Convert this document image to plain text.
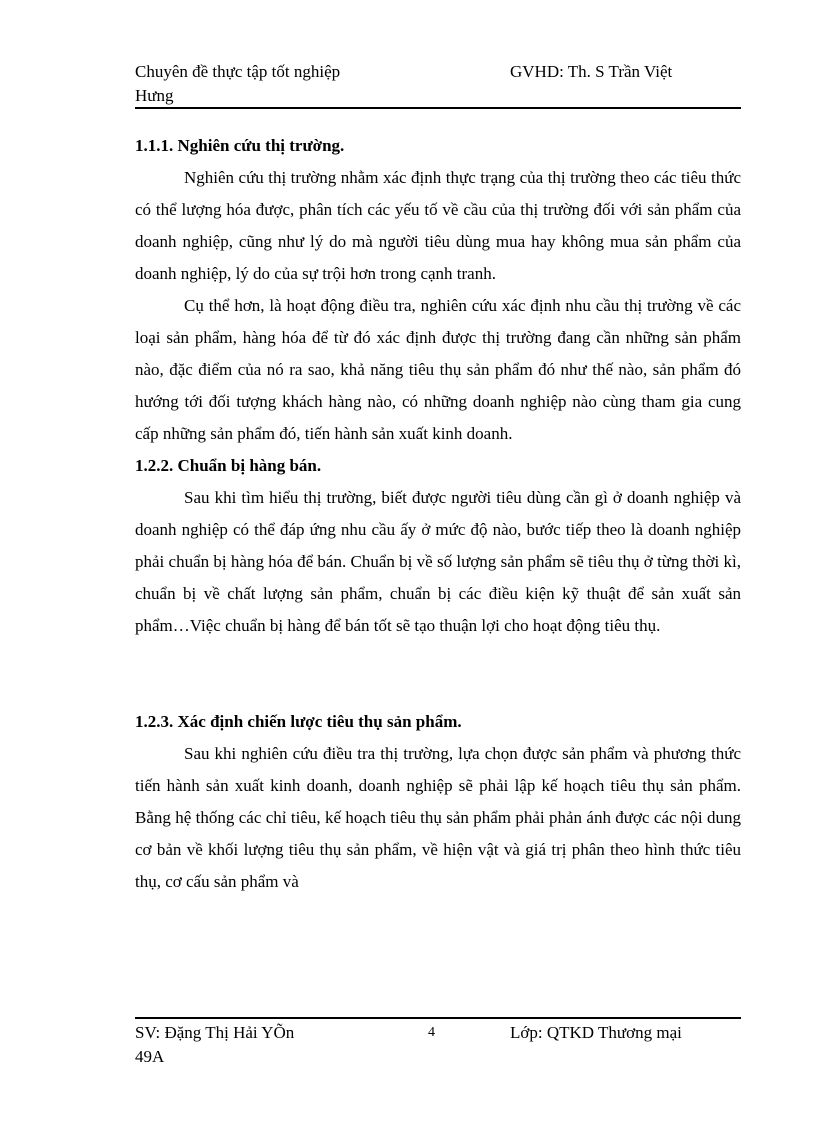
Chuyên đề thực tập tốt nghiệp	GVHD: Th. S Trần Việt
Hưng

1.1.1. Nghiên cứu thị trường.

Nghiên cứu thị trường nhằm xác định thực trạng của thị trường theo các tiêu thức có thể lượng hóa được, phân tích các yếu tố về cầu của thị trường đối với sản phẩm của doanh nghiệp, cũng như lý do mà người tiêu dùng mua hay không mua sản phẩm của doanh nghiệp, lý do của sự trội hơn trong cạnh tranh.

Cụ thể hơn, là hoạt động điều tra, nghiên cứu xác định nhu cầu thị trường về các loại sản phẩm, hàng hóa để từ đó xác định được thị trường đang cần những sản phẩm nào, đặc điểm của nó ra sao, khả năng tiêu thụ sản phẩm đó như thế nào, sản phẩm đó hướng tới đối tượng khách hàng nào, có những doanh nghiệp nào cùng tham gia cung cấp những sản phẩm đó, tiến hành sản xuất kinh doanh.

1.2.2. Chuẩn bị hàng bán.

Sau khi tìm hiểu thị trường, biết được người tiêu dùng cần gì ở doanh nghiệp và doanh nghiệp có thể đáp ứng nhu cầu ấy ở mức độ nào, bước tiếp theo là doanh nghiệp phải chuẩn bị hàng hóa để bán. Chuẩn bị về số lượng sản phẩm sẽ tiêu thụ ở từng thời kì, chuẩn bị về chất lượng sản phẩm, chuẩn bị các điều kiện kỹ thuật để sản xuất sản phẩm…Việc chuẩn bị hàng để bán tốt sẽ tạo thuận lợi cho hoạt động tiêu thụ.

1.2.3. Xác định chiến lược tiêu thụ sản phẩm.

Sau khi nghiên cứu điều tra thị trường, lựa chọn được sản phẩm và phương thức tiến hành sản xuất kinh doanh, doanh nghiệp sẽ phải lập kế hoạch tiêu thụ sản phẩm. Bằng hệ thống các chỉ tiêu, kế hoạch tiêu thụ sản phẩm phải phản ánh được các nội dung cơ bản về khối lượng tiêu thụ sản phẩm, về hiện vật và giá trị phân theo hình thức tiêu thụ, cơ cấu sản phẩm và

SV: Đặng Thị Hải YÕn	4	Lớp: QTKD Thương mại
49A
